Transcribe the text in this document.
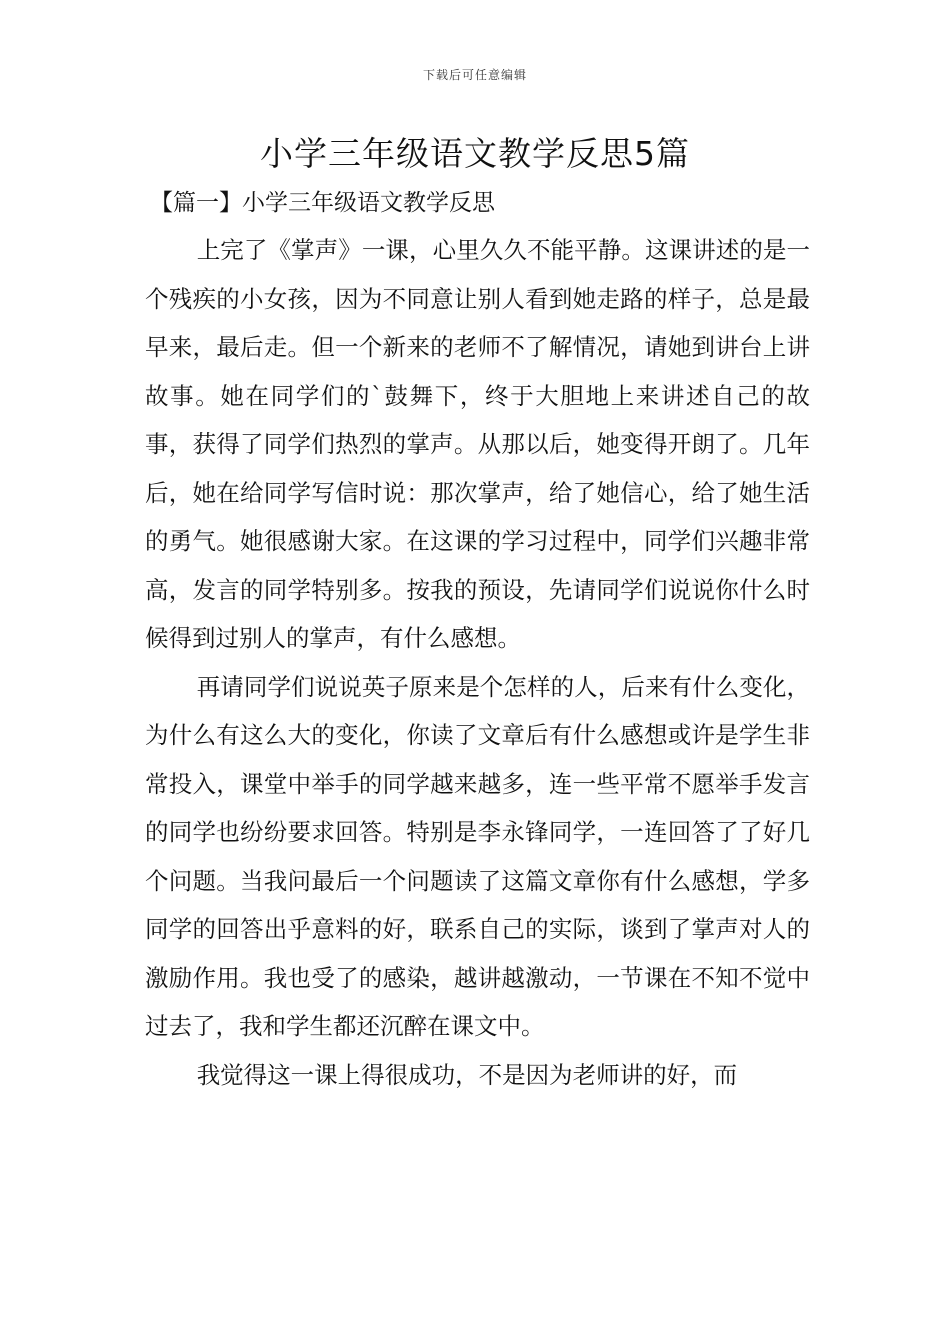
下载后可任意编辑
小学三年级语文教学反思5篇
【篇一】小学三年级语文教学反思

上完了《掌声》一课，心里久久不能平静。这课讲述的是一个残疾的小女孩，因为不同意让别人看到她走路的样子，总是最早来，最后走。但一个新来的老师不了解情况，请她到讲台上讲故事。她在同学们的`鼓舞下，终于大胆地上来讲述自己的故事，获得了同学们热烈的掌声。从那以后，她变得开朗了。几年后，她在给同学写信时说：那次掌声，给了她信心，给了她生活的勇气。她很感谢大家。在这课的学习过程中，同学们兴趣非常高，发言的同学特别多。按我的预设，先请同学们说说你什么时候得到过别人的掌声，有什么感想。

再请同学们说说英子原来是个怎样的人，后来有什么变化，为什么有这么大的变化，你读了文章后有什么感想或许是学生非常投入，课堂中举手的同学越来越多，连一些平常不愿举手发言的同学也纷纷要求回答。特别是李永锋同学，一连回答了了好几个问题。当我问最后一个问题读了这篇文章你有什么感想，学多同学的回答出乎意料的好，联系自己的实际，谈到了掌声对人的激励作用。我也受了的感染，越讲越激动，一节课在不知不觉中过去了，我和学生都还沉醉在课文中。

我觉得这一课上得很成功，不是因为老师讲的好，而
